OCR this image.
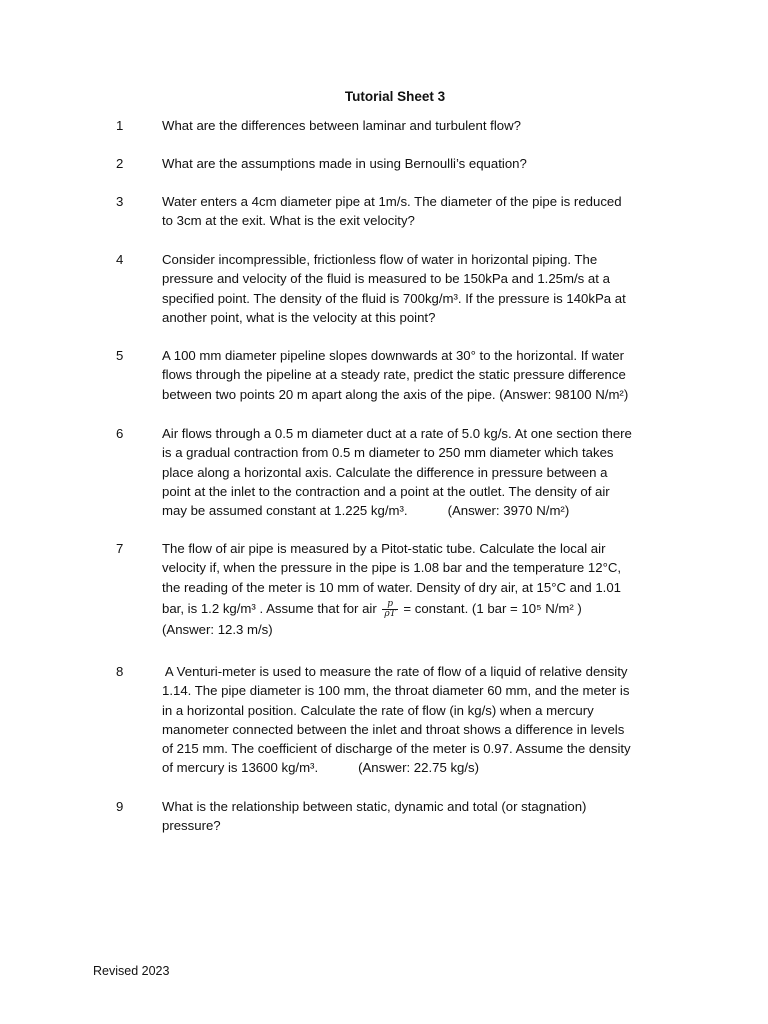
Tutorial Sheet 3
1	What are the differences between laminar and turbulent flow?
2	What are the assumptions made in using Bernoulli’s equation?
3	Water enters a 4cm diameter pipe at 1m/s. The diameter of the pipe is reduced
to 3cm at the exit. What is the exit velocity?
4	Consider incompressible, frictionless flow of water in horizontal piping. The
pressure and velocity of the fluid is measured to be 150kPa and 1.25m/s at a
specified point. The density of the fluid is 700kg/m³. If the pressure is 140kPa at
another point, what is the velocity at this point?
5	A 100 mm diameter pipeline slopes downwards at 30° to the horizontal. If water
flows through the pipeline at a steady rate, predict the static pressure difference
between two points 20 m apart along the axis of the pipe. (Answer: 98100 N/m²)
6	Air flows through a 0.5 m diameter duct at a rate of 5.0 kg/s. At one section there
is a gradual contraction from 0.5 m diameter to 250 mm diameter which takes
place along a horizontal axis. Calculate the difference in pressure between a
point at the inlet to the contraction and a point at the outlet. The density of air
may be assumed constant at 1.225 kg/m³.	(Answer: 3970 N/m²)
7	The flow of air pipe is measured by a Pitot-static tube. Calculate the local air
velocity if, when the pressure in the pipe is 1.08 bar and the temperature 12°C,
the reading of the meter is 10 mm of water. Density of dry air, at 15°C and 1.01
bar, is 1.2 kg/m³ . Assume that for air $\frac{p}{\rho T}$ = constant. (1 bar = 10⁵ N/m² )
(Answer: 12.3 m/s)
8	A Venturi-meter is used to measure the rate of flow of a liquid of relative density
1.14. The pipe diameter is 100 mm, the throat diameter 60 mm, and the meter is
in a horizontal position. Calculate the rate of flow (in kg/s) when a mercury
manometer connected between the inlet and throat shows a difference in levels
of 215 mm. The coefficient of discharge of the meter is 0.97. Assume the density
of mercury is 13600 kg/m³.	(Answer: 22.75 kg/s)
9	What is the relationship between static, dynamic and total (or stagnation)
pressure?
Revised 2023
